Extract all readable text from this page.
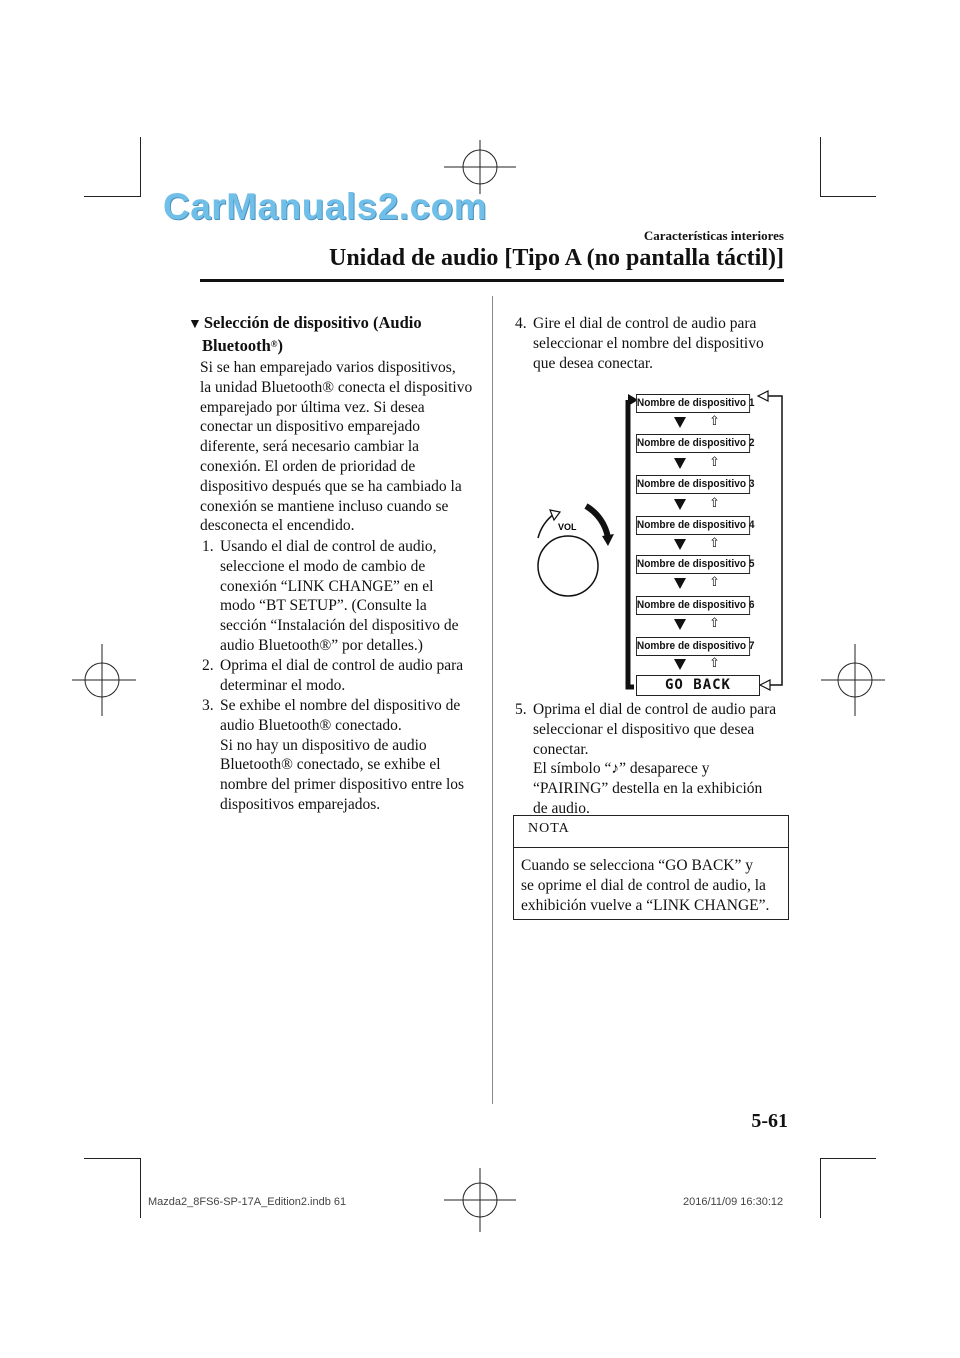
CarManuals2.com
Características interiores
Unidad de audio [Tipo A (no pantalla táctil)]
▼ Selección de dispositivo (Audio
Bluetooth®)
Si se han emparejado varios dispositivos,
la unidad Bluetooth® conecta el dispositivo
emparejado por última vez. Si desea
conectar un dispositivo emparejado
diferente, será necesario cambiar la
conexión. El orden de prioridad de
dispositivo después que se ha cambiado la
conexión se mantiene incluso cuando se
desconecta el encendido.
1. Usando el dial de control de audio,
seleccione el modo de cambio de
conexión “LINK CHANGE” en el
modo “BT SETUP”. (Consulte la
sección “Instalación del dispositivo de
audio Bluetooth®” por detalles.)
2. Oprima el dial de control de audio para
determinar el modo.
3. Se exhibe el nombre del dispositivo de
audio Bluetooth® conectado.
Si no hay un dispositivo de audio
Bluetooth® conectado, se exhibe el
nombre del primer dispositivo entre los
dispositivos emparejados.
4. Gire el dial de control de audio para
seleccionar el nombre del dispositivo
que desea conectar.
VOL
Nombre de dispositivo 1
Nombre de dispositivo 2
Nombre de dispositivo 3
Nombre de dispositivo 4
Nombre de dispositivo 5
Nombre de dispositivo 6
Nombre de dispositivo 7
GO BACK
⇧
⇧
⇧
⇧
⇧
⇧
⇧
5. Oprima el dial de control de audio para
seleccionar el dispositivo que desea
conectar.
El símbolo “♪” desaparece y
“PAIRING” destella en la exhibición
de audio.
NOTA
Cuando se selecciona “GO BACK” y
se oprime el dial de control de audio, la
exhibición vuelve a “LINK CHANGE”.
5-61
Mazda2_8FS6-SP-17A_Edition2.indb 61	2016/11/09 16:30:12
